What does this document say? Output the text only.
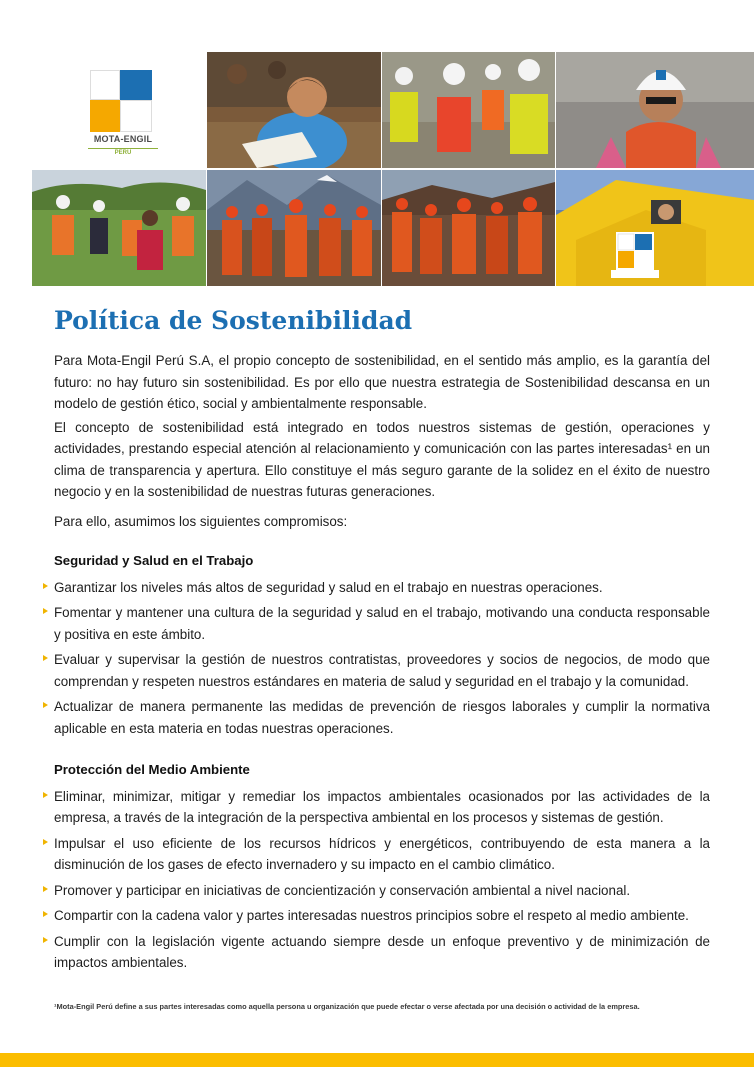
MOTA-ENGIL
PERU
Política de Sostenibilidad

Para Mota-Engil Perú S.A, el propio concepto de sostenibilidad, en el sentido más amplio, es la garantía del futuro: no hay futuro sin sostenibilidad. Es por ello que nuestra estrategia de Sostenibilidad descansa en un modelo de gestión ético, social y ambientalmente responsable.

El concepto de sostenibilidad está integrado en todos nuestros sistemas de gestión, operaciones y actividades, prestando especial atención al relacionamiento y comunicación con las partes interesadas¹ en un clima de transparencia y apertura. Ello constituye el más seguro garante de la solidez en el éxito de nuestro negocio y en la sostenibilidad de nuestras futuras generaciones.

Para ello, asumimos los siguientes compromisos:

Seguridad y Salud en el Trabajo
Garantizar los niveles más altos de seguridad y salud en el trabajo en nuestras operaciones.
Fomentar y mantener una cultura de la seguridad y salud en el trabajo, motivando una conducta responsable y positiva en este ámbito.
Evaluar y supervisar la gestión de nuestros contratistas, proveedores y socios de negocios, de modo que comprendan y respeten nuestros estándares en materia de salud y seguridad en el trabajo y la comunidad.
Actualizar de manera permanente las medidas de prevención de riesgos laborales y cumplir la normativa aplicable en esta materia en todas nuestras operaciones.
Protección del Medio Ambiente
Eliminar, minimizar, mitigar y remediar los impactos ambientales ocasionados por las actividades de la empresa, a través de la integración de la perspectiva ambiental en los procesos y sistemas de gestión.
Impulsar el uso eficiente de los recursos hídricos y energéticos, contribuyendo de esta manera a la disminución de los gases de efecto invernadero y su impacto en el cambio climático.
Promover y participar en iniciativas de concientización y conservación ambiental a nivel nacional.
Compartir con la cadena valor y partes interesadas nuestros principios sobre el respeto al medio ambiente.
Cumplir con la legislación vigente actuando siempre desde un enfoque preventivo y de minimización de impactos ambientales.
¹Mota-Engil Perú define a sus partes interesadas como aquella persona u organización que puede efectar o verse afectada por una decisión o actividad de la empresa.
